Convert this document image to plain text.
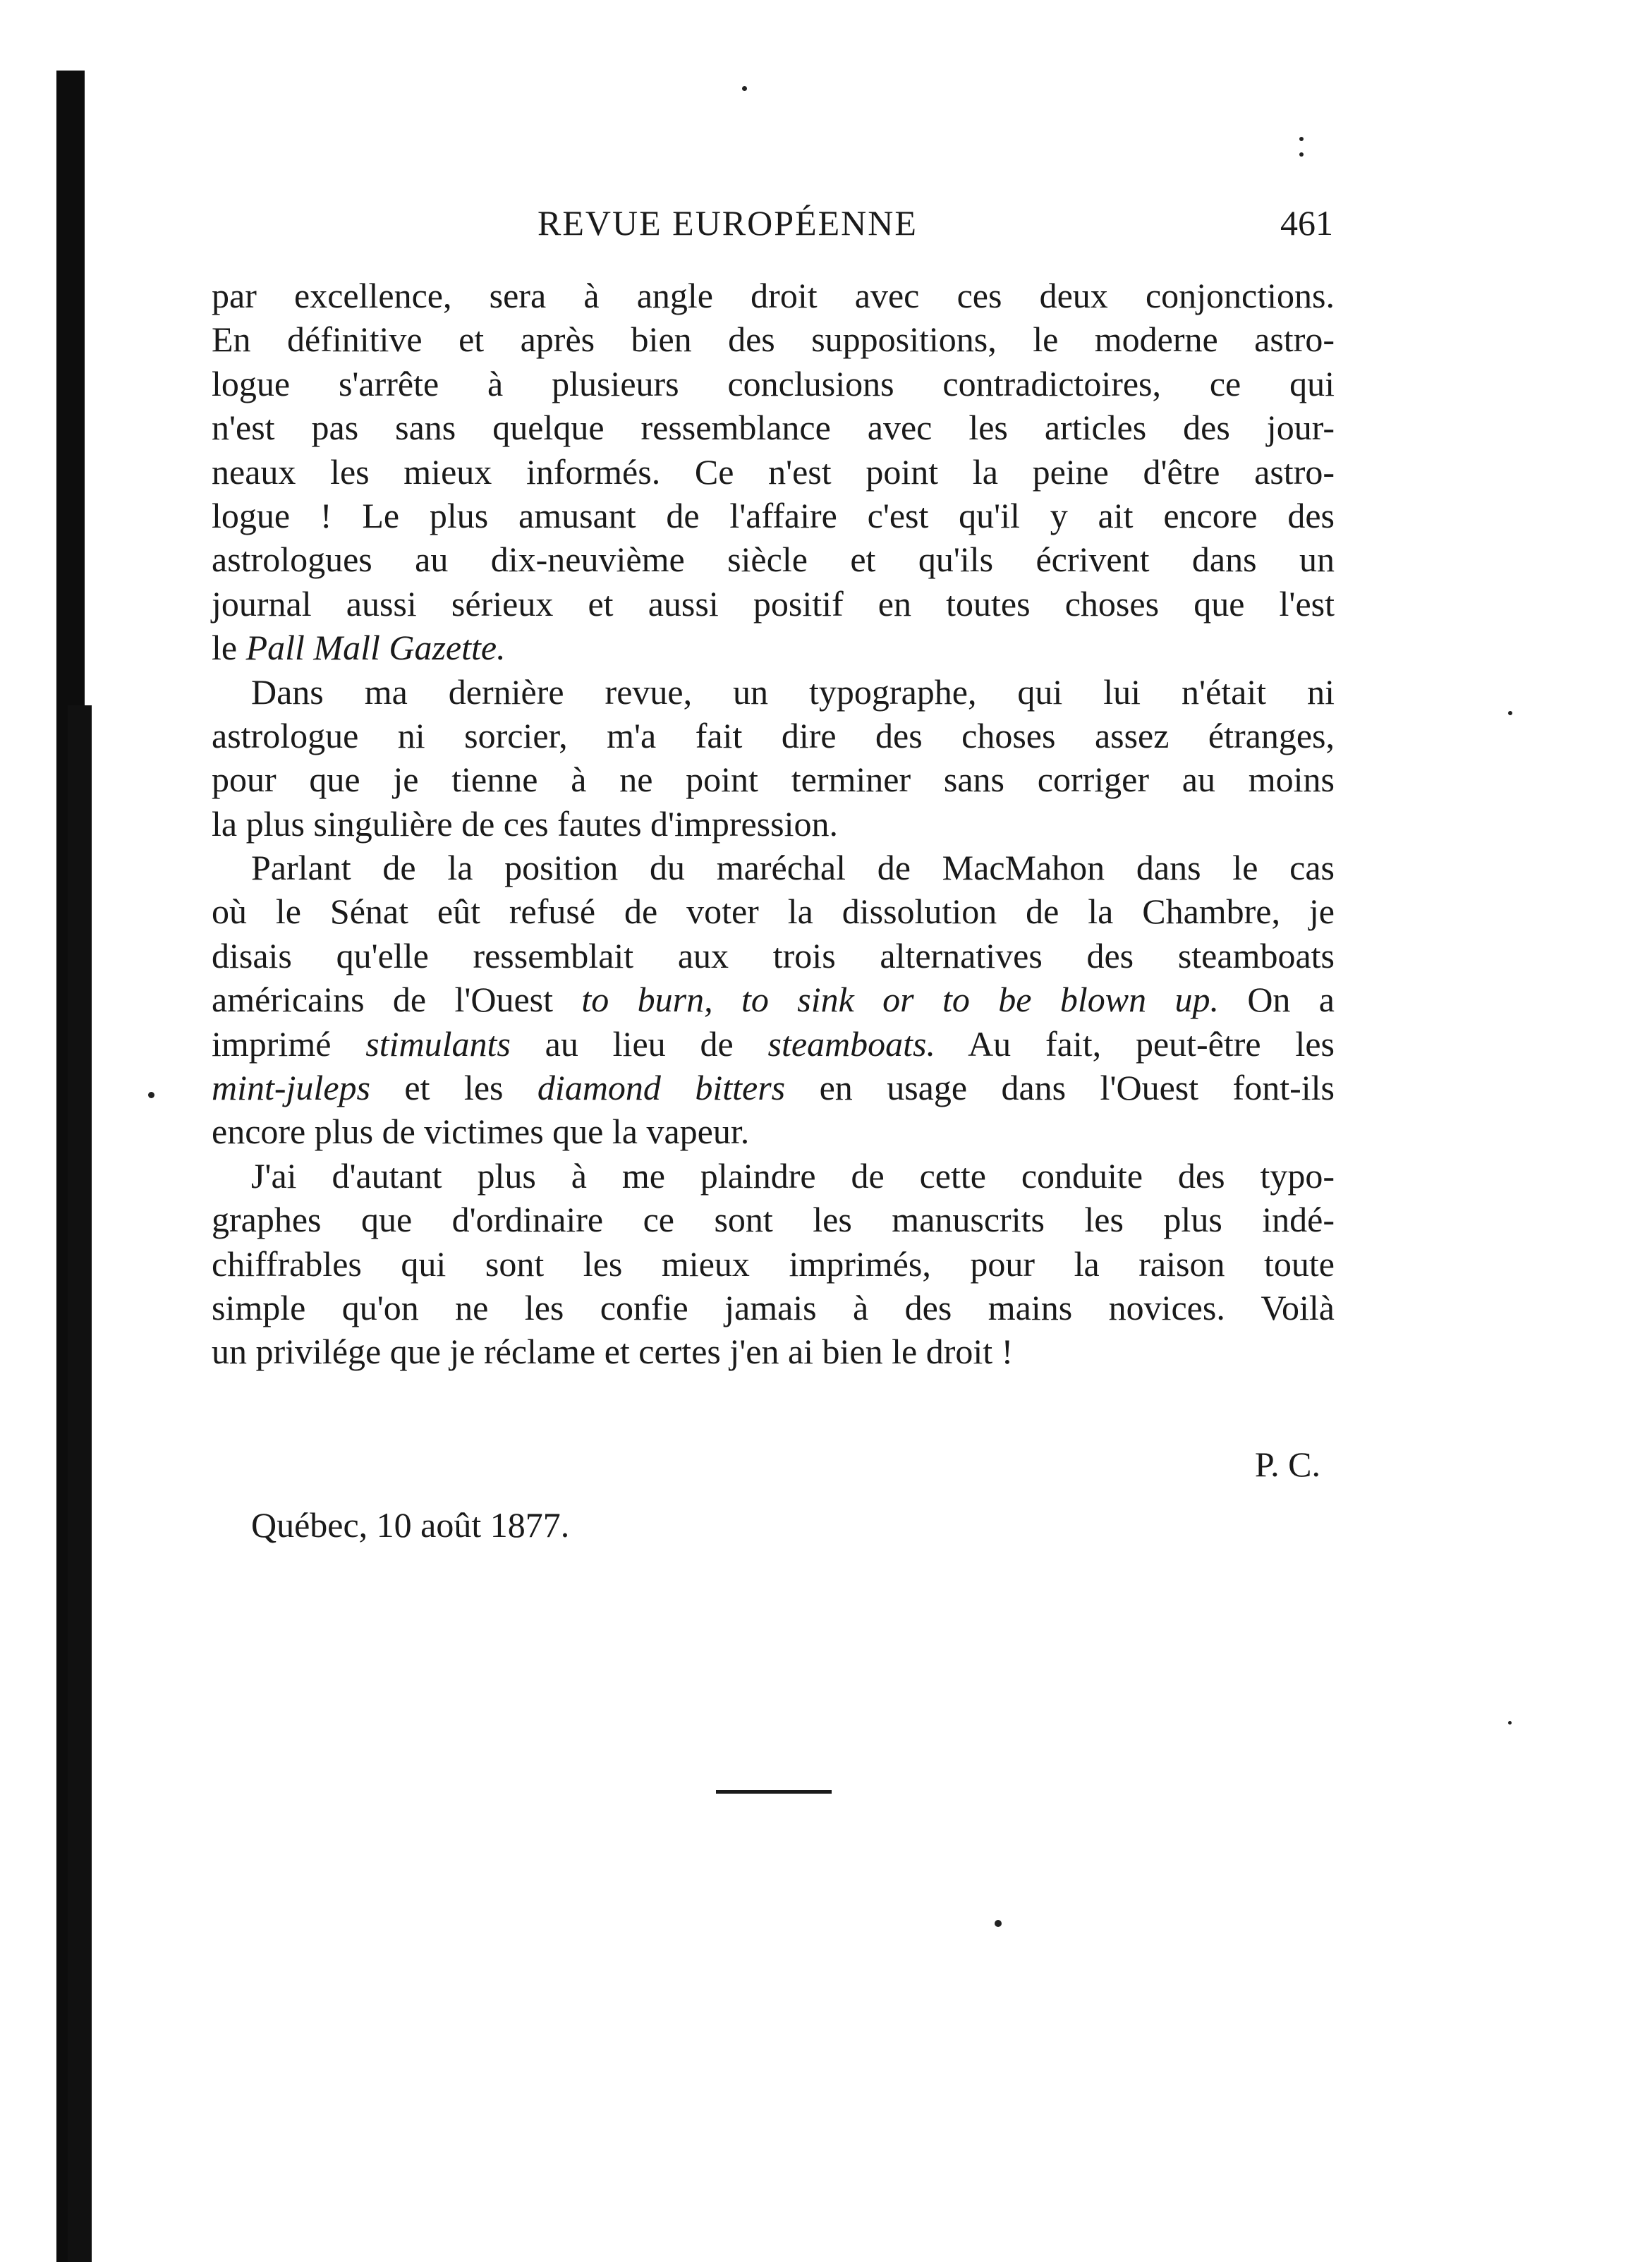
REVUE EUROPÉENNE	461
par excellence, sera à angle droit avec ces deux conjonctions.
En définitive et après bien des suppositions, le moderne astro-
logue s'arrête à plusieurs conclusions contradictoires, ce qui
n'est pas sans quelque ressemblance avec les articles des jour-
neaux les mieux informés. Ce n'est point la peine d'être astro-
logue ! Le plus amusant de l'affaire c'est qu'il y ait encore des
astrologues au dix-neuvième siècle et qu'ils écrivent dans un
journal aussi sérieux et aussi positif en toutes choses que l'est
le Pall Mall Gazette.
Dans ma dernière revue, un typographe, qui lui n'était ni
astrologue ni sorcier, m'a fait dire des choses assez étranges,
pour que je tienne à ne point terminer sans corriger au moins
la plus singulière de ces fautes d'impression.
Parlant de la position du maréchal de MacMahon dans le cas
où le Sénat eût refusé de voter la dissolution de la Chambre, je
disais qu'elle ressemblait aux trois alternatives des steamboats
américains de l'Ouest to burn, to sink or to be blown up. On a
imprimé stimulants au lieu de steamboats. Au fait, peut-être les
mint-juleps et les diamond bitters en usage dans l'Ouest font-ils
encore plus de victimes que la vapeur.
J'ai d'autant plus à me plaindre de cette conduite des typo-
graphes que d'ordinaire ce sont les manuscrits les plus indé-
chiffrables qui sont les mieux imprimés, pour la raison toute
simple qu'on ne les confie jamais à des mains novices. Voilà
un privilége que je réclame et certes j'en ai bien le droit !
P. C.
Québec, 10 août 1877.
